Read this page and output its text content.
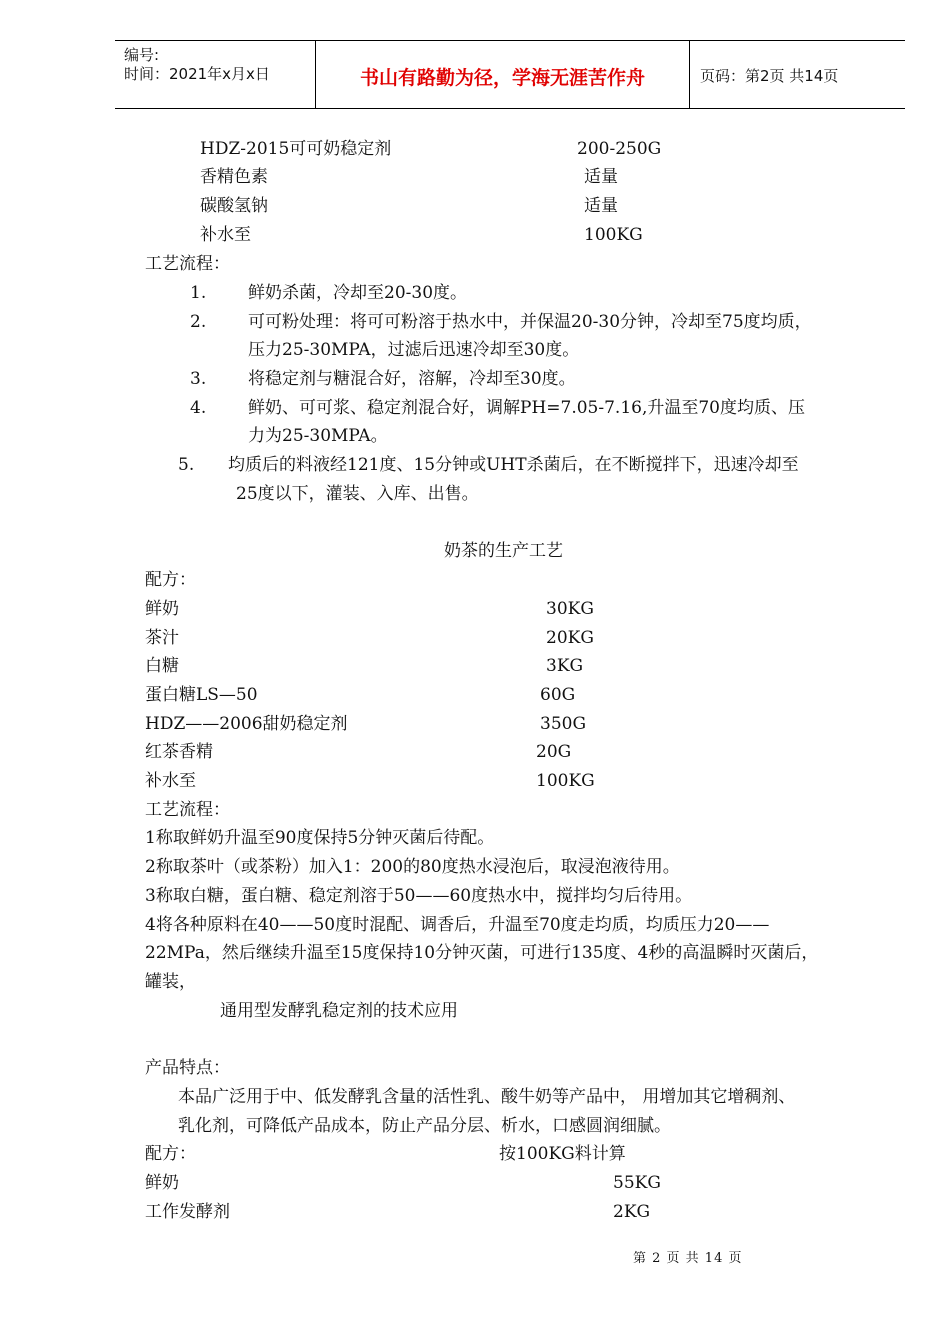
编号:
时间：2021年x月x日	书山有路勤为径，学海无涯苦作舟	页码：第2页 共14页
HDZ-2015可可奶稳定剂	200-250G
香精色素	适量
碳酸氢钠	适量
补水至	100KG
工艺流程：
1. 鲜奶杀菌，冷却至20-30度。
2. 可可粉处理：将可可粉溶于热水中，并保温20-30分钟，冷却至75度均质，
压力25-30MPA，过滤后迅速冷却至30度。
3. 将稳定剂与糖混合好，溶解，冷却至30度。
4. 鲜奶、可可浆、稳定剂混合好，调解PH=7.05-7.16,升温至70度均质、压
力为25-30MPA。
5. 均质后的料液经121度、15分钟或UHT杀菌后，在不断搅拌下，迅速冷却至
25度以下，灌装、入库、出售。
奶茶的生产工艺
配方：
鲜奶	30KG
茶汁	20KG
白糖	3KG
蛋白糖LS—50	60G
HDZ——2006甜奶稳定剂	350G
红茶香精	20G
补水至	100KG
工艺流程：
1称取鲜奶升温至90度保持5分钟灭菌后待配。
2称取茶叶（或茶粉）加入1：200的80度热水浸泡后，取浸泡液待用。
3称取白糖，蛋白糖、稳定剂溶于50——60度热水中，搅拌均匀后待用。
4将各种原料在40——50度时混配、调香后，升温至70度走均质，均质压力20——
22MPa，然后继续升温至15度保持10分钟灭菌，可进行135度、4秒的高温瞬时灭菌后，
罐装，
通用型发酵乳稳定剂的技术应用
产品特点：
本品广泛用于中、低发酵乳含量的活性乳、酸牛奶等产品中， 用增加其它增稠剂、
乳化剂，可降低产品成本，防止产品分层、析水，口感圆润细腻。
配方：	按100KG料计算
鲜奶	55KG
工作发酵剂	2KG
第 2 页 共 14 页
